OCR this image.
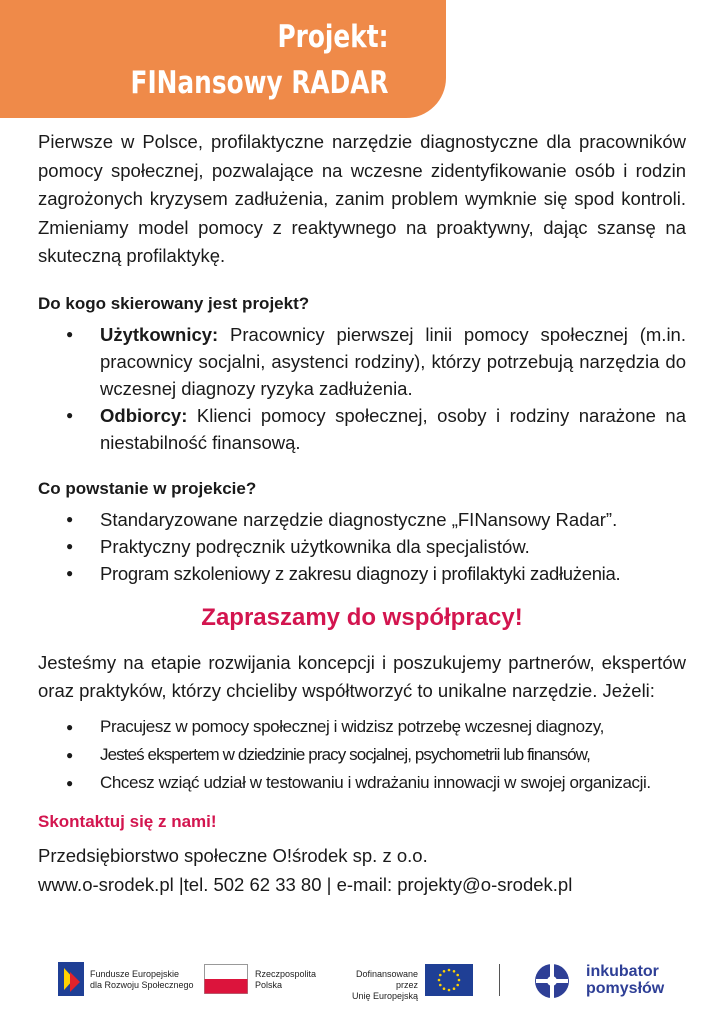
Projekt:
FINansowy RADAR

Pierwsze w Polsce, profilaktyczne narzędzie diagnostyczne dla pracowników pomocy społecznej, pozwalające na wczesne zidentyfikowanie osób i rodzin zagrożonych kryzysem zadłużenia, zanim problem wymknie się spod kontroli. Zmieniamy model pomocy z reaktywnego na proaktywny, dając szansę na skuteczną profilaktykę.

Do kogo skierowany jest projekt?
● Użytkownicy: Pracownicy pierwszej linii pomocy społecznej (m.in. pracownicy socjalni, asystenci rodziny), którzy potrzebują narzędzia do wczesnej diagnozy ryzyka zadłużenia.
● Odbiorcy: Klienci pomocy społecznej, osoby i rodziny narażone na niestabilność finansową.
Co powstanie w projekcie?
● Standaryzowane narzędzie diagnostyczne „FINansowy Radar”.
● Praktyczny podręcznik użytkownika dla specjalistów.
● Program szkoleniowy z zakresu diagnozy i profilaktyki zadłużenia.
Zapraszamy do współpracy!

Jesteśmy na etapie rozwijania koncepcji i poszukujemy partnerów, ekspertów oraz praktyków, którzy chcieliby współtworzyć to unikalne narzędzie. Jeżeli:

● Pracujesz w pomocy społecznej i widzisz potrzebę wczesnej diagnozy,
● Jesteś ekspertem w dziedzinie pracy socjalnej, psychometrii lub finansów,
● Chcesz wziąć udział w testowaniu i wdrażaniu innowacji w swojej organizacji.
Skontaktuj się z nami!

Przedsiębiorstwo społeczne O!środek sp. z o.o.

www.o-srodek.pl |tel. 502 62 33 80 | e-mail: projekty@o-srodek.pl

Fundusze Europejskie
dla Rozwoju Społecznego
Rzeczpospolita
Polska
Dofinansowane przez
Unię Europejską
inkubator
pomysłów
